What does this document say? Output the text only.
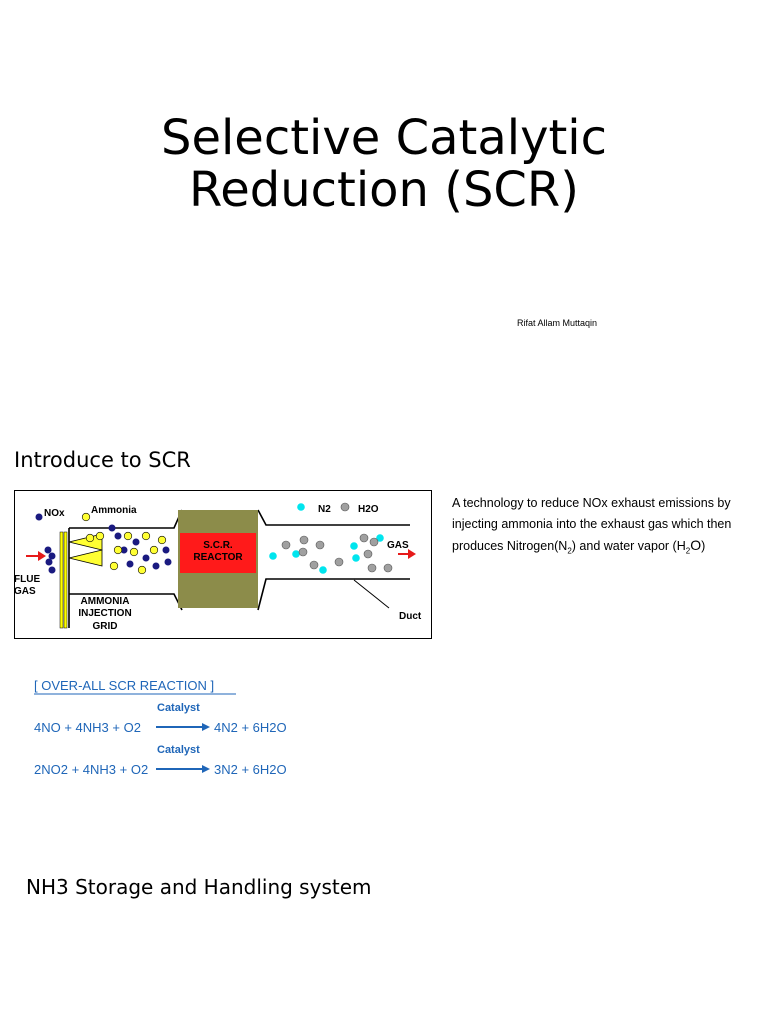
Selective Catalytic
Reduction (SCR)
Rifat Allam Muttaqin
Introduce to SCR
S.C.R.
REACTOR
NOx	Ammonia	N2	H2O
GAS
FLUE
GAS
AMMONIA
INJECTION
GRID
Duct
A technology to reduce NOx exhaust emissions by injecting ammonia into the exhaust gas which then produces $Nitrogen(N_2)$ and water vapor $(H_2O)$
[ OVER-ALL SCR REACTION ]
Catalyst
4NO + 4NH3 + O2	4N2 + 6H2O
Catalyst
2NO2 + 4NH3 + O2	3N2 + 6H2O
NH3 Storage and Handling system
